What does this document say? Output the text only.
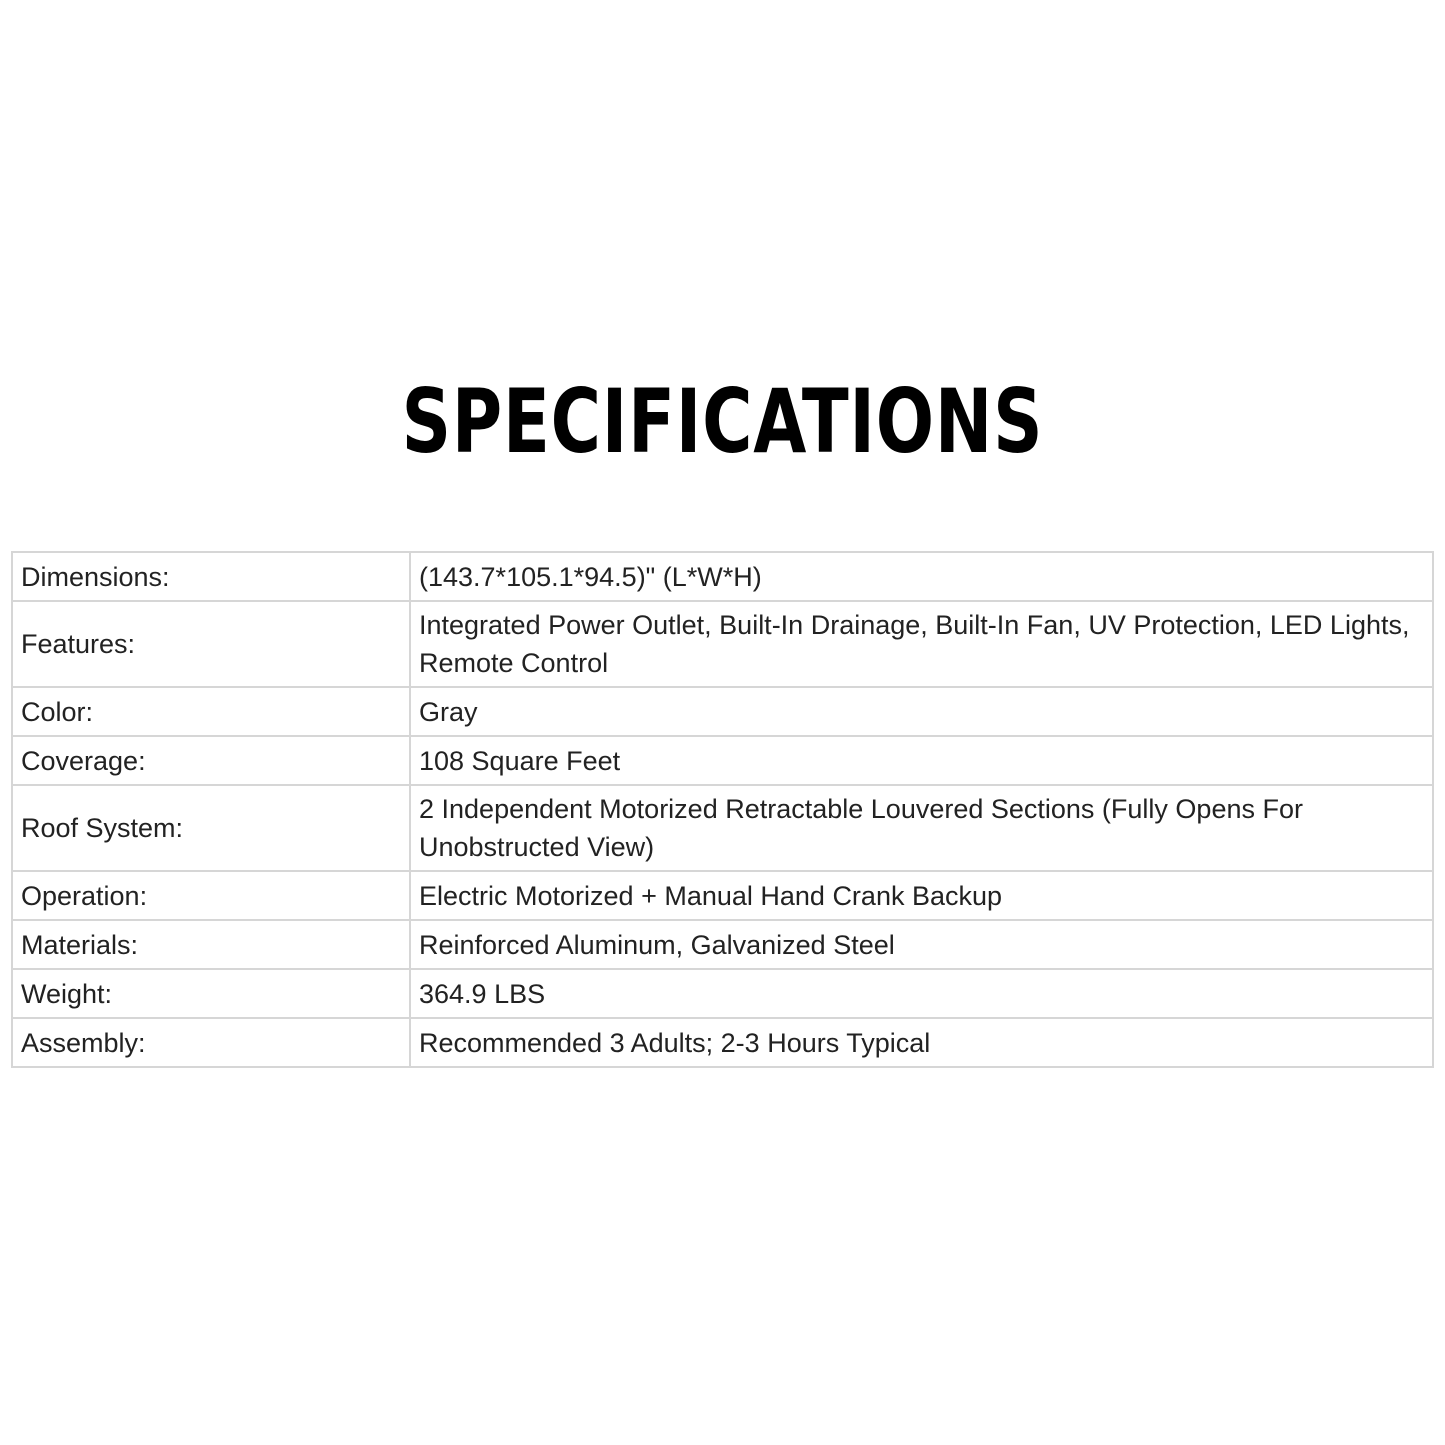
SPECIFICATIONS
Dimensions:	(143.7*105.1*94.5)" (L*W*H)
Features:	Integrated Power Outlet, Built-In Drainage, Built-In Fan, UV Protection, LED Lights, Remote Control
Color:	Gray
Coverage:	108 Square Feet
Roof System:	2 Independent Motorized Retractable Louvered Sections (Fully Opens For Unobstructed View)
Operation:	Electric Motorized + Manual Hand Crank Backup
Materials:	Reinforced Aluminum, Galvanized Steel
Weight:	364.9 LBS
Assembly:	Recommended 3 Adults; 2-3 Hours Typical
